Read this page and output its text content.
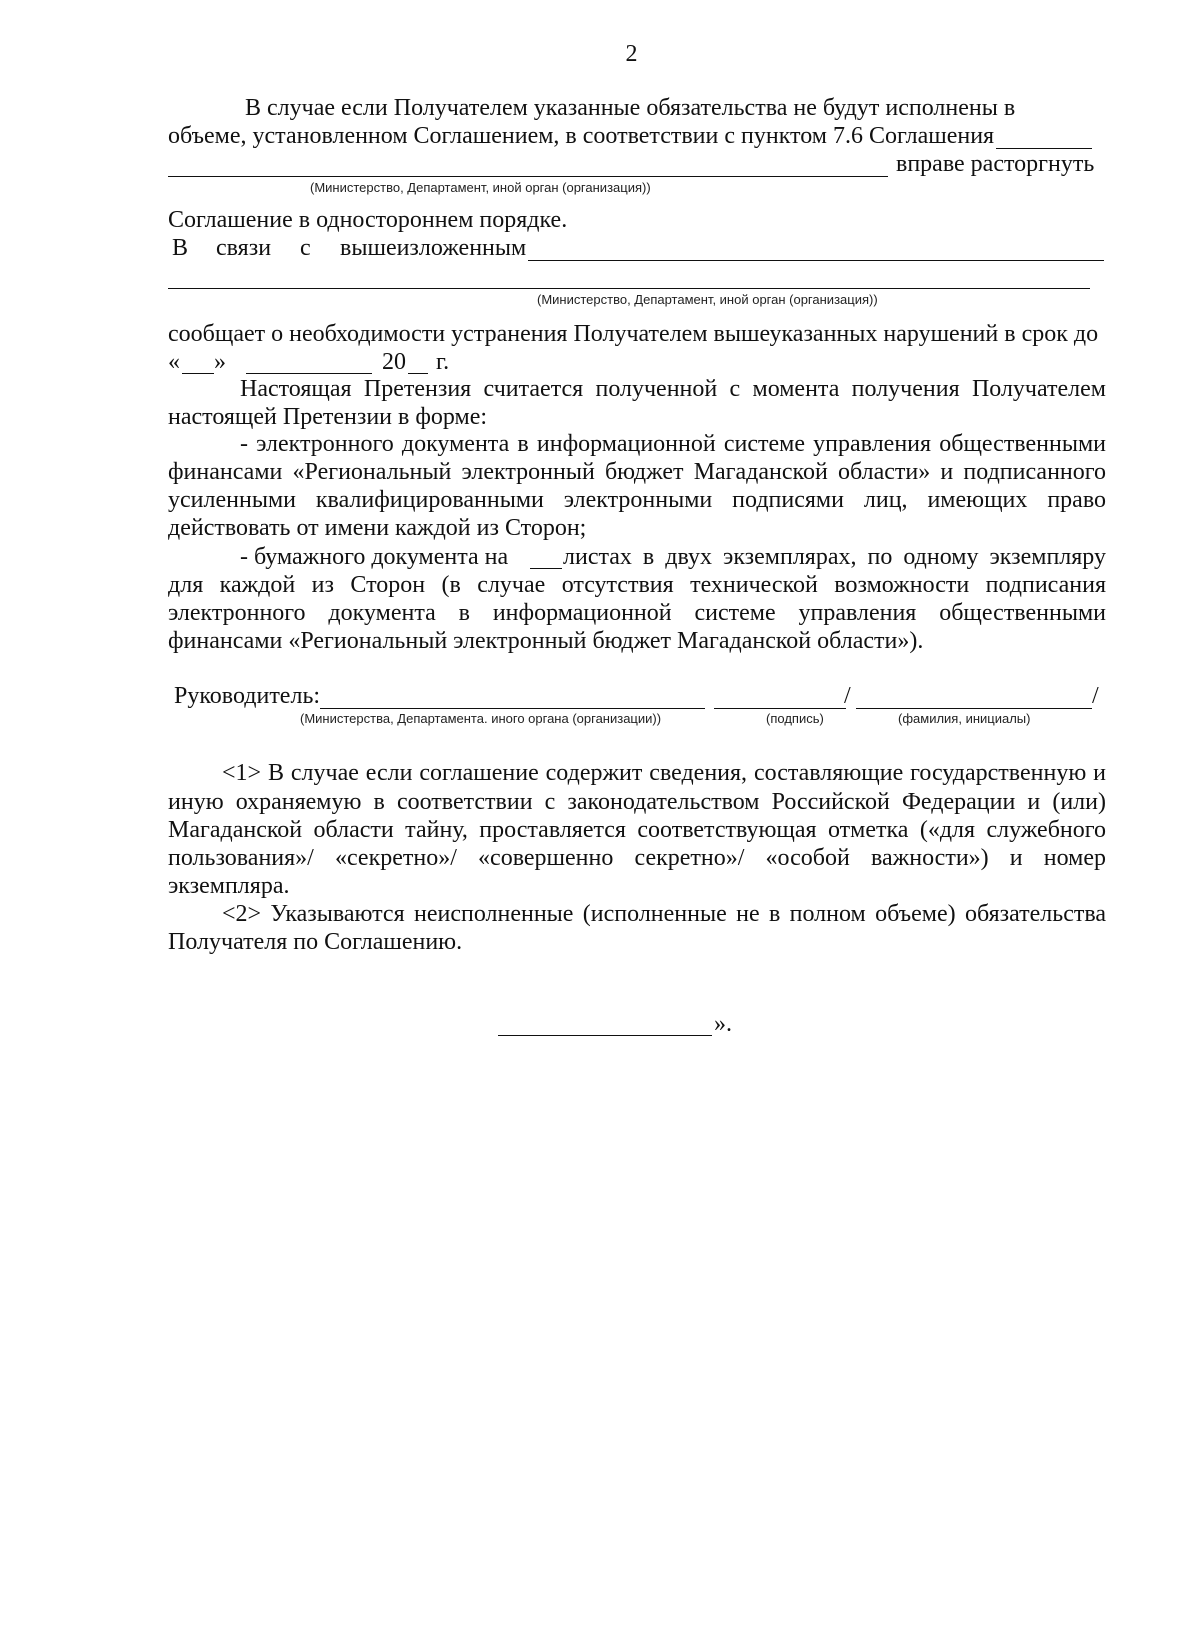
2
В случае если Получателем указанные обязательства не будут исполнены в
объеме, установленном Соглашением, в соответствии с пунктом 7.6 Соглашения
вправе расторгнуть
(Министерство, Департамент, иной орган (организация))
Соглашение в одностороннем порядке.
В связи с вышеизложенным
(Министерство, Департамент, иной орган (организация))
сообщает о необходимости устранения Получателем вышеуказанных нарушений в срок до
« »	20 г.
Настоящая Претензия считается полученной с момента получения Получателем
настоящей Претензии в форме:
- электронного документа в информационной системе управления общественными
финансами «Региональный электронный бюджет Магаданской области» и подписанного
усиленными квалифицированными электронными подписями лиц, имеющих право
действовать от имени каждой из Сторон;
- бумажного документа на листах в двух экземплярах, по одному экземпляру
для каждой из Сторон (в случае отсутствия технической возможности подписания
электронного документа в информационной системе управления общественными
финансами «Региональный электронный бюджет Магаданской области»).
Руководитель:	/	/
(Министерства, Департамента. иного органа (организации))	(подпись)	(фамилия, инициалы)
<1> В случае если соглашение содержит сведения, составляющие государственную и
иную охраняемую в соответствии с законодательством Российской Федерации и (или)
Магаданской области тайну, проставляется соответствующая отметка («для служебного
пользования»/ «секретно»/ «совершенно секретно»/ «особой важности») и номер
экземпляра.
<2> Указываются неисполненные (исполненные не в полном объеме) обязательства
Получателя по Соглашению.
».
